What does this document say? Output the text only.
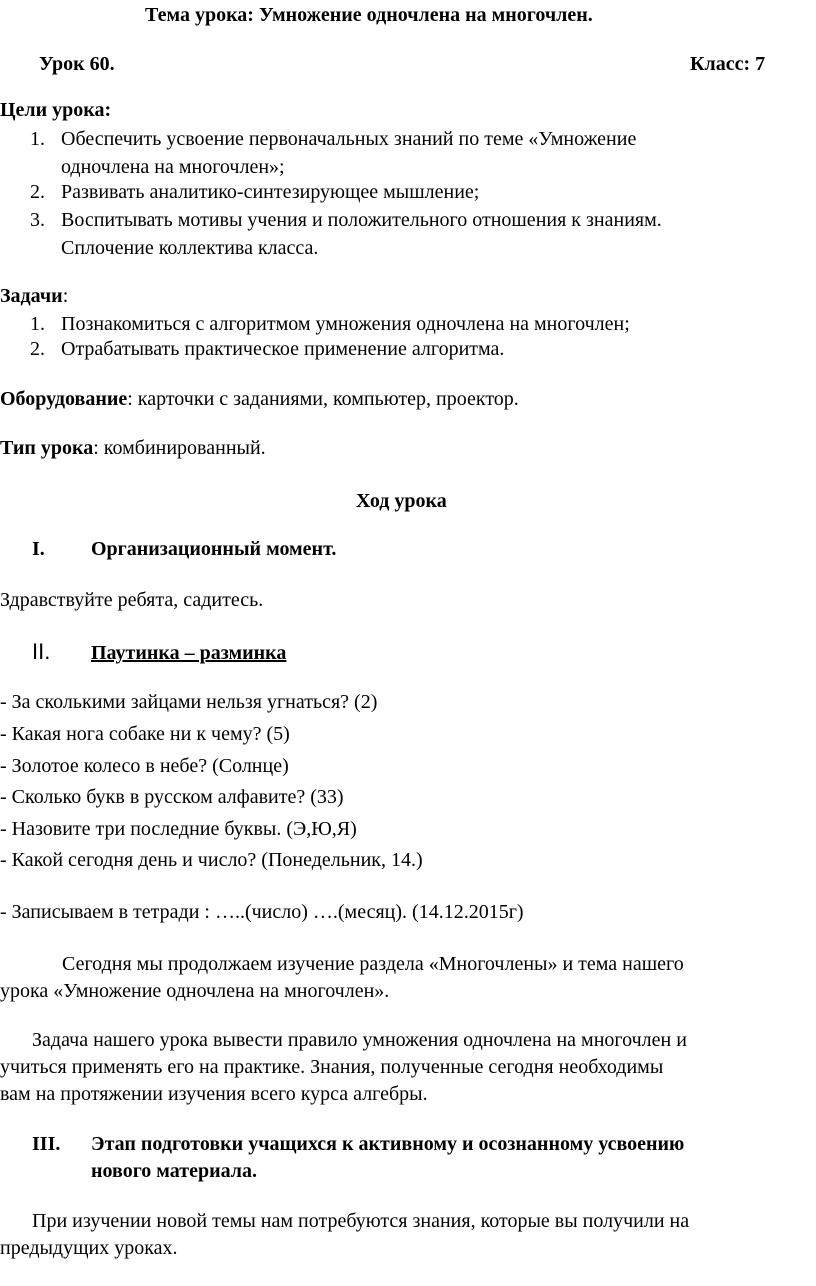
Тема урока: Умножение одночлена на многочлен.
Урок 60.	Класс: 7
Цели урока:
1. Обеспечить усвоение первоначальных знаний по теме «Умножение
одночлена на многочлен»;
2. Развивать аналитико-синтезирующее мышление;
3. Воспитывать мотивы учения и положительного отношения к знаниям.
Сплочение коллектива класса.
Задачи:
1. Познакомиться с алгоритмом умножения одночлена на многочлен;
2. Отрабатывать практическое применение алгоритма.
Оборудование: карточки с заданиями, компьютер, проектор.
Тип урока: комбинированный.
Ход урока
I. Организационный момент.
Здравствуйте ребята, садитесь.
II. Паутинка – разминка
- За сколькими зайцами нельзя угнаться? (2)
- Какая нога собаке ни к чему? (5)
- Золотое колесо в небе? (Солнце)
- Сколько букв в русском алфавите? (33)
- Назовите три последние буквы. (Э,Ю,Я)
- Какой сегодня день и число? (Понедельник, 14.)
- Записываем в тетради : …..(число) ….(месяц). (14.12.2015г)
Сегодня мы продолжаем изучение раздела «Многочлены» и тема нашего
урока «Умножение одночлена на многочлен».
Задача нашего урока вывести правило умножения одночлена на многочлен и
учиться применять его на практике. Знания, полученные сегодня необходимы
вам на протяжении изучения всего курса алгебры.
III. Этап подготовки учащихся к активному и осознанному усвоению
нового материала.
При изучении новой темы нам потребуются знания, которые вы получили на
предыдущих уроках.
